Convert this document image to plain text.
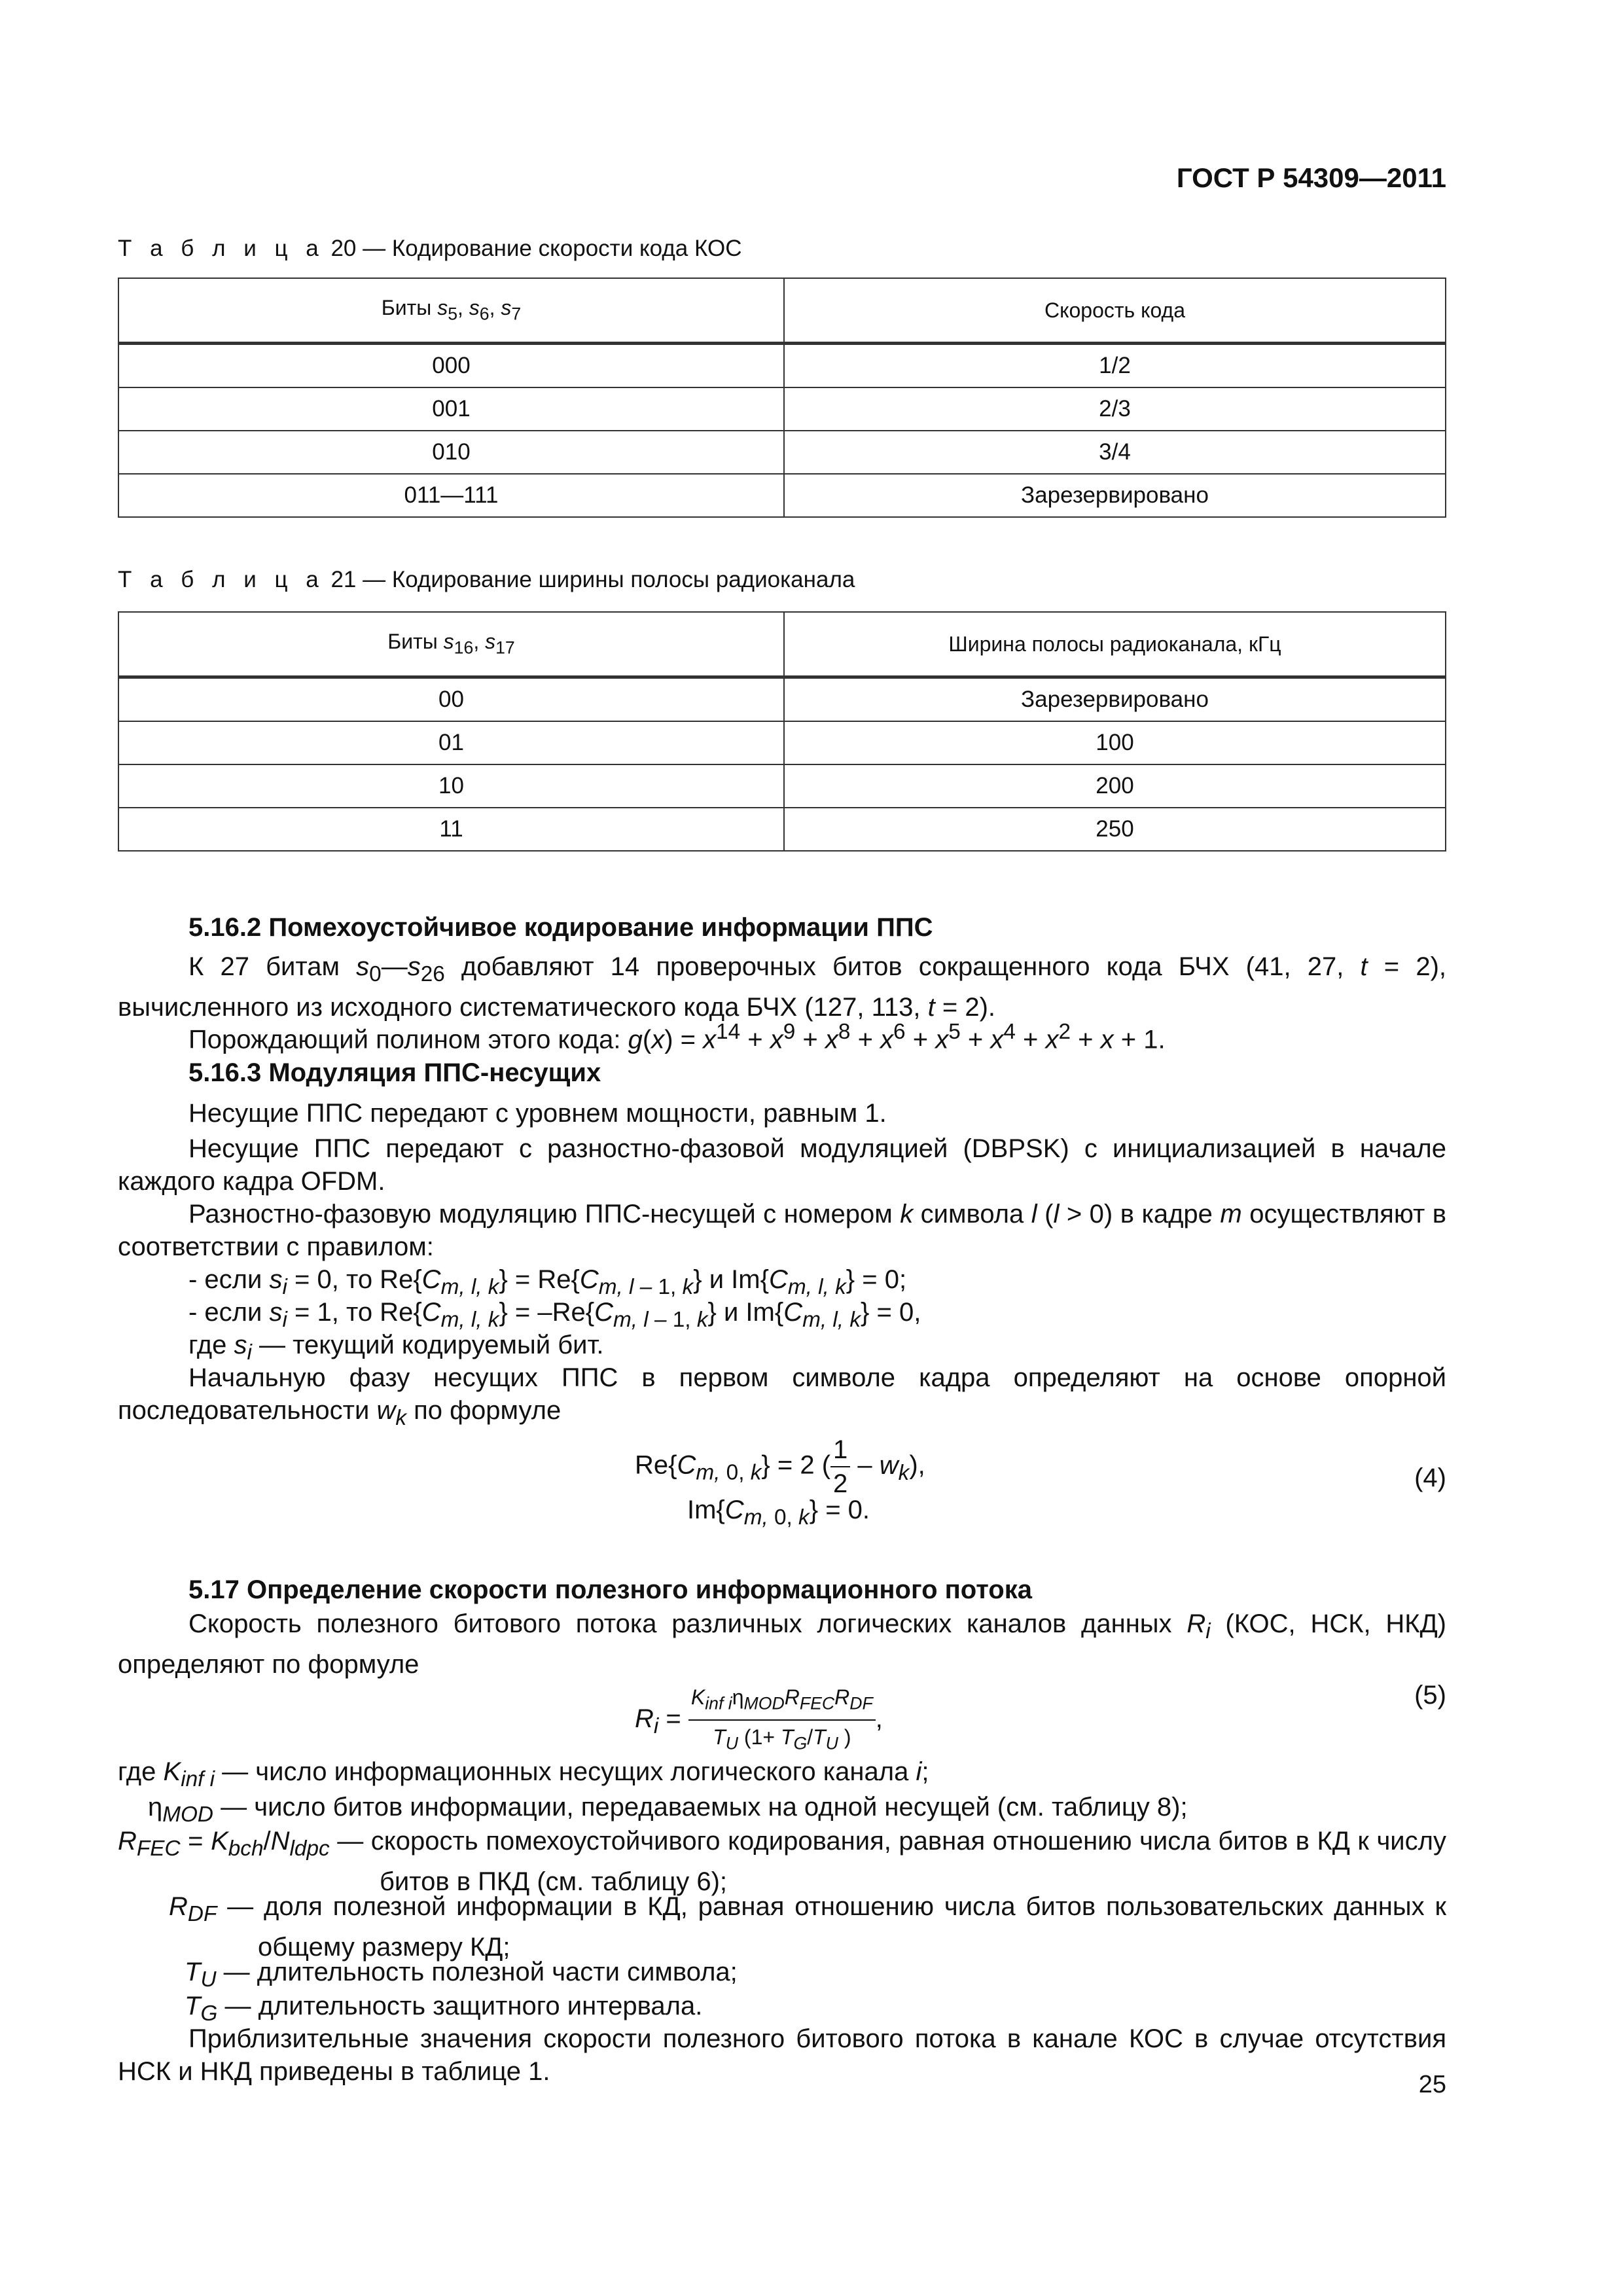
ГОСТ Р 54309—2011
Т а б л и ц а 20 — Кодирование скорости кода КОС
Биты $s_5$, $s_6$, $s_7$	Скорость кода
000	1/2
001	2/3
010	3/4
011—111	Зарезервировано
Т а б л и ц а 21 — Кодирование ширины полосы радиоканала
Биты $s_{16}$, $s_{17}$	Ширина полосы радиоканала, кГц
00	Зарезервировано
01	100
10	200
11	250
5.16.2 Помехоустойчивое кодирование информации ППС
К 27 битам $s_0—s_{26}$ добавляют 14 проверочных битов сокращенного кода БЧХ (41, 27, t = 2), вычисленного из исходного систематического кода БЧХ (127, 113, t = 2).
Порождающий полином этого кода: $g(x) = x^{14} + x^9 + x^8 + x^6 + x^5 + x^4 + x^2 + x + 1$.
5.16.3 Модуляция ППС-несущих
Несущие ППС передают с уровнем мощности, равным 1.
Несущие ППС передают с разностно-фазовой модуляцией (DBPSK) с инициализацией в начале каждого кадра OFDM.
Разностно-фазовую модуляцию ППС-несущей с номером k символа l (l > 0) в кадре m осуществляют в соответствии с правилом:
- если $s_i = 0$, то $Re\{C_{m, l, k}\} = Re\{C_{m, l - 1, k}\}$ и $Im\{C_{m, l, k}\} = 0$;
- если $s_i = 1$, то $Re\{C_{m, l, k}\} = -Re\{C_{m, l - 1, k}\}$ и $Im\{C_{m, l, k}\} = 0$,
где $s_i$ — текущий кодируемый бит.
Начальную фазу несущих ППС в первом символе кадра определяют на основе опорной последовательности $w_k$ по формуле
$Re\{C_{m, 0, k}\} = 2$ ( $\frac{1}{2} - w_k$),
$Im\{C_{m, 0, k}\} = 0$.
(4)
5.17 Определение скорости полезного информационного потока
Скорость полезного битового потока различных логических каналов данных $R_i$ (КОС, НСК, НКД) определяют по формуле
$R_i = \frac{K_{inf i}\eta_{MOD}R_{FEC}R_{DF}}{T_U (1+ T_G/T_U )}$ ,
(5)
где $K_{inf i}$ — число информационных несущих логического канала i;
$\eta_{MOD}$ — число битов информации, передаваемых на одной несущей (см. таблицу 8);
$R_{FEC} = K_{bch}/N_{ldpc}$ — скорость помехоустойчивого кодирования, равная отношению числа битов в КД к числу битов в ПКД (см. таблицу 6);
$R_{DF}$ — доля полезной информации в КД, равная отношению числа битов пользовательских данных к общему размеру КД;
$T_U$ — длительность полезной части символа;
$T_G$ — длительность защитного интервала.
Приблизительные значения скорости полезного битового потока в канале КОС в случае отсутствия НСК и НКД приведены в таблице 1.	25
